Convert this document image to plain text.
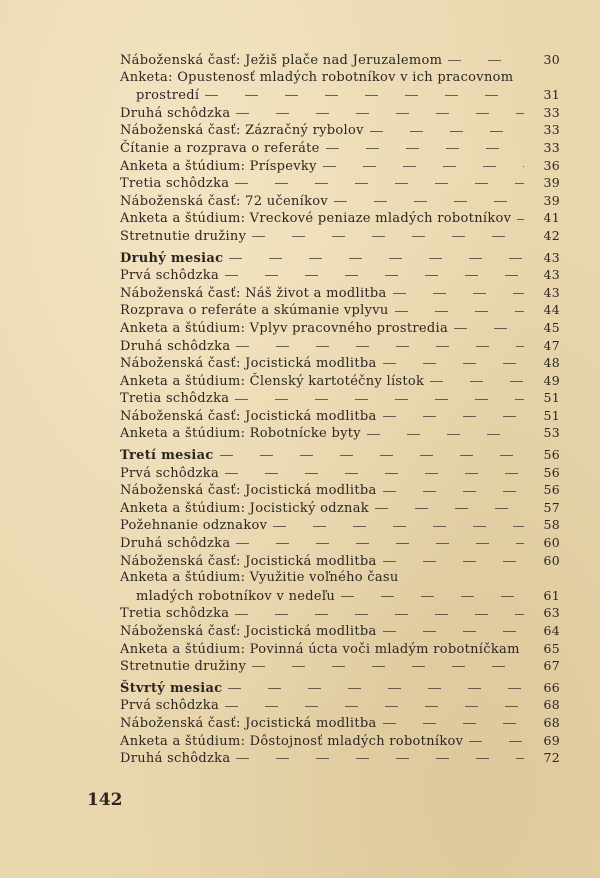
Náboženská časť: Ježiš plače nad Jeruzalemom	30
Anketa: Opustenosť mladých robotníkov v ich pracovnom
prostredí	31
Druhá schôdzka	33
Náboženská časť: Zázračný rybolov	33
Čítanie a rozprava o referáte	33
Anketa a štúdium: Príspevky	36
Tretia schôdzka	39
Náboženská časť: 72 učeníkov	39
Anketa a štúdium: Vreckové peniaze mladých robotníkov	41
Stretnutie družiny	42
Druhý mesiac	43
Prvá schôdzka	43
Náboženská časť: Náš život a modlitba	43
Rozprava o referáte a skúmanie vplyvu	44
Anketa a štúdium: Vplyv pracovného prostredia	45
Druhá schôdzka	47
Náboženská časť: Jocistická modlitba	48
Anketa a štúdium: Členský kartotéčny lístok	49
Tretia schôdzka	51
Náboženská časť: Jocistická modlitba	51
Anketa a štúdium: Robotnícke byty	53
Tretí mesiac	56
Prvá schôdzka	56
Náboženská časť: Jocistická modlitba	56
Anketa a štúdium: Jocistický odznak	57
Požehnanie odznakov	58
Druhá schôdzka	60
Náboženská časť: Jocistická modlitba	60
Anketa a štúdium: Využitie voľného času
mladých robotníkov v nedeľu	61
Tretia schôdzka	63
Náboženská časť: Jocistická modlitba	64
Anketa a štúdium: Povinná úcta voči mladým robotníčkam	65
Stretnutie družiny	67
Štvrtý mesiac	66
Prvá schôdzka	68
Náboženská časť: Jocistická modlitba	68
Anketa a štúdium: Dôstojnosť mladých robotníkov	69
Druhá schôdzka	72
142
